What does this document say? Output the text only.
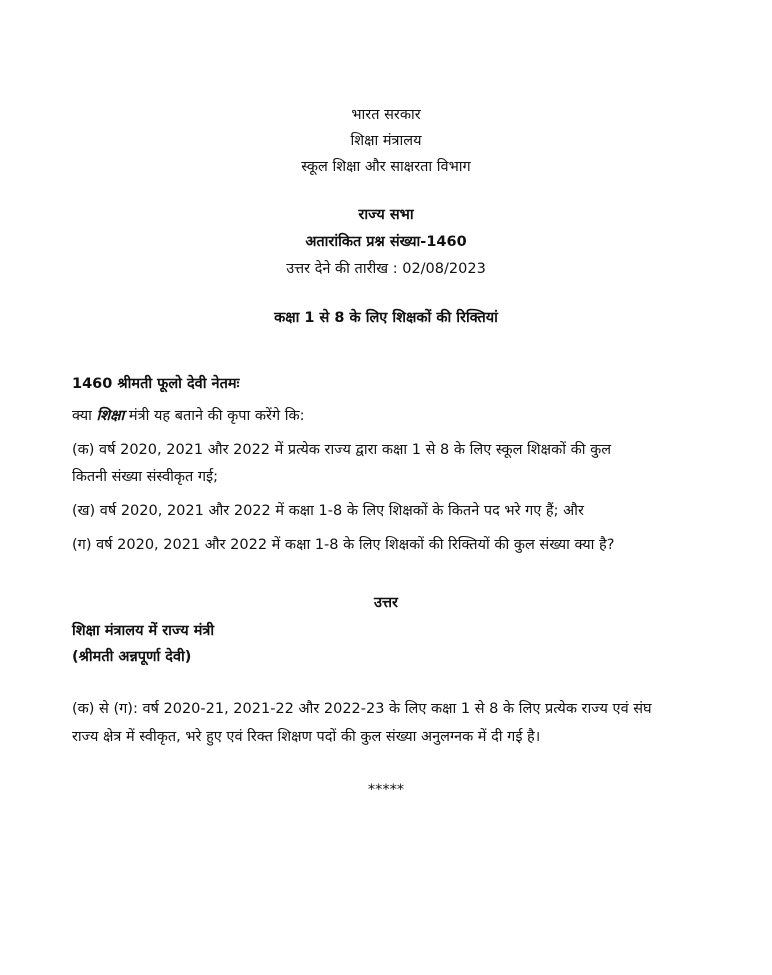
भारत सरकार
शिक्षा मंत्रालय
स्कूल शिक्षा और साक्षरता विभाग
राज्य सभा
अतारांकित प्रश्न संख्या-1460
उत्तर देने की तारीख : 02/08/2023
कक्षा 1 से 8 के लिए शिक्षकों की रिक्तियां
1460 श्रीमती फूलो देवी नेतमः
क्या शिक्षा मंत्री यह बताने की कृपा करेंगे कि:
(क) वर्ष 2020, 2021 और 2022 में प्रत्येक राज्य द्वारा कक्षा 1 से 8 के लिए स्कूल शिक्षकों की कुल
कितनी संख्या संस्वीकृत गई;
(ख) वर्ष 2020, 2021 और 2022 में कक्षा 1-8 के लिए शिक्षकों के कितने पद भरे गए हैं; और
(ग) वर्ष 2020, 2021 और 2022 में कक्षा 1-8 के लिए शिक्षकों की रिक्तियों की कुल संख्या क्या है?
उत्तर
शिक्षा मंत्रालय में राज्य मंत्री
(श्रीमती अन्नपूर्णा देवी)
(क) से (ग): वर्ष 2020-21, 2021-22 और 2022-23 के लिए कक्षा 1 से 8 के लिए प्रत्येक राज्य एवं संघ
राज्य क्षेत्र में स्वीकृत, भरे हुए एवं रिक्त शिक्षण पदों की कुल संख्या अनुलग्नक में दी गई है।
*****
